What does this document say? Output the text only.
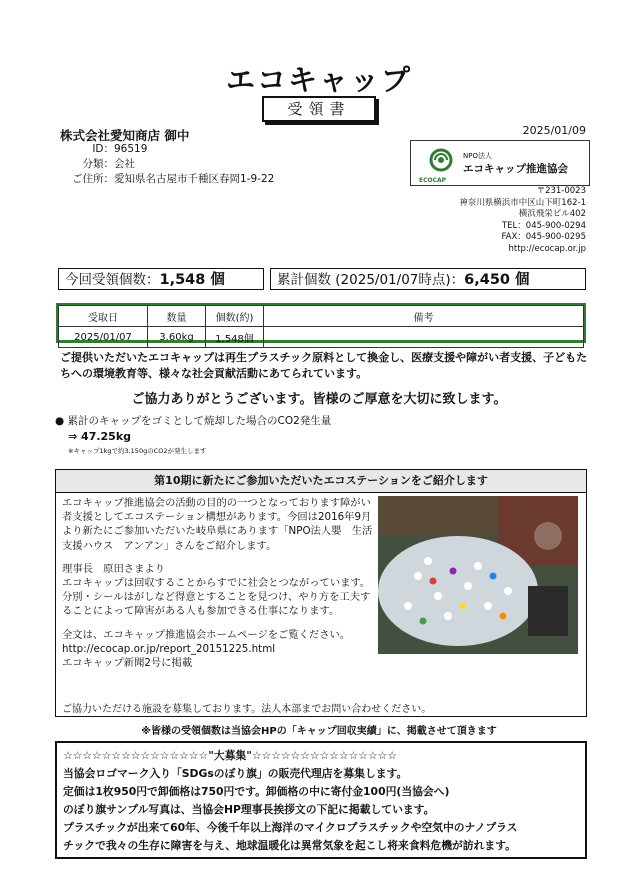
エコキャップ
受領書
2025/01/09
株式会社愛知商店 御中
ID： 96519
分類： 会社
ご住所： 愛知県名古屋市千種区春岡1-9-22
NPO法人
エコキャップ推進協会
ECOCAP
〒231-0023
神奈川県横浜市中区山下町162-1
横浜飛栄ビル402
TEL：045-900-0294
FAX：045-900-0295
http://ecocap.or.jp
今回受領個数：1,548 個	累計個数 (2025/01/07時点)：6,450 個
受取日	数量	個数(約)	備考
2025/01/07	3.60kg	1,548個	
ご提供いただいたエコキャップは再生プラスチック原料として換金し、医療支援や障がい者支援、子どもたちへの環境教育等、様々な社会貢献活動にあてられています。
ご協力ありがとうございます。皆様のご厚意を大切に致します。
● 累計のキャップをゴミとして焼却した場合のCO2発生量
⇒ 47.25kg
※キャップ1kgで約3,150gのCO2が発生します
第10期に新たにご参加いただいたエコステーションをご紹介します

エコキャップ推進協会の活動の目的の一つとなっております障がい者支援としてエコステーション構想があります。今回は2016年9月より新たにご参加いただいた岐阜県にあります「NPO法人嬰　生活支援ハウス　アンアン」さんをご紹介します。

理事長　原田さまより

エコキャップは回収することからすでに社会とつながっています。分別・シールはがしなど得意とすることを見つけ、やり方を工夫することによって障害がある人も参加できる仕事になります。

全文は、エコキャップ推進協会ホームページをご覧ください。
http://ecocap.or.jp/report_20151225.html
エコキャップ新聞2号に掲載
ご協力いただける施設を募集しております。法人本部までお問い合わせください。
※皆様の受領個数は当協会HPの「キャップ回収実績」に、掲載させて頂きます
☆☆☆☆☆☆☆☆☆☆☆☆☆☆☆"大募集"☆☆☆☆☆☆☆☆☆☆☆☆☆☆☆
当協会ロゴマーク入り「SDGsのぼり旗」の販売代理店を募集します。
定価は1枚950円で卸価格は750円です。卸価格の中に寄付金100円(当協会へ)
のぼり旗サンプル写真は、当協会HP理事長挨拶文の下記に掲載しています。
プラスチックが出来て60年、今後千年以上海洋のマイクロプラスチックや空気中のナノプラス
チックで我々の生存に障害を与え、地球温暖化は異常気象を起こし将来食料危機が訪れます。
